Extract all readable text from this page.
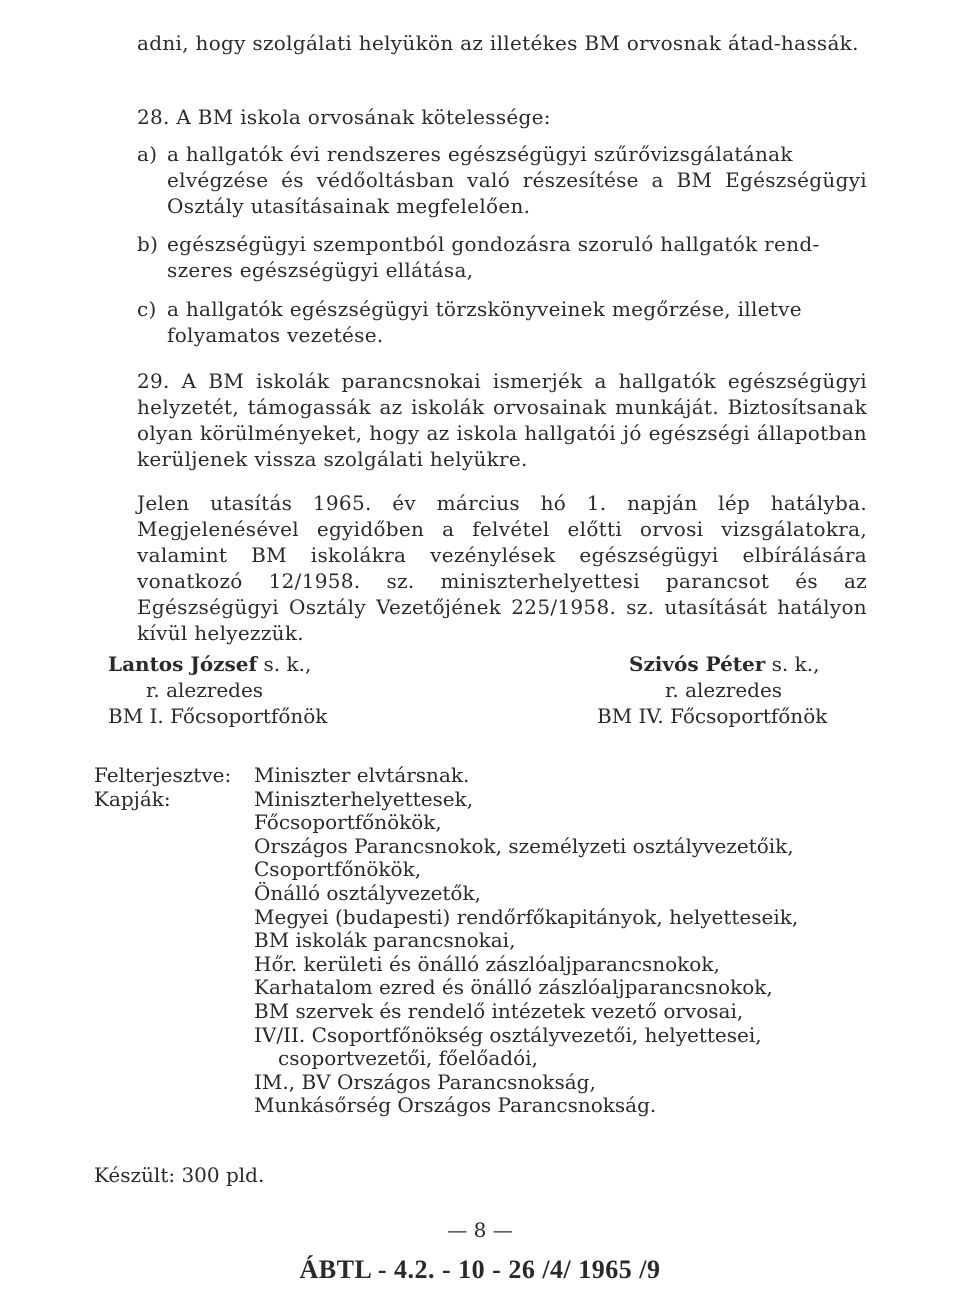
adni, hogy szolgálati helyükön az illetékes BM orvosnak átad-hassák.

28. A BM iskola orvosának kötelessége:

a) a hallgatók évi rendszeres egészségügyi szűrővizsgálatának

elvégzése és védőoltásban való részesítése a BM Egészségügyi Osztály utasításainak megfelelően.

b) egészségügyi szempontból gondozásra szoruló hallgatók rend-

szeres egészségügyi ellátása,

c) a hallgatók egészségügyi törzskönyveinek megőrzése, illetve

folyamatos vezetése.

29. A BM iskolák parancsnokai ismerjék a hallgatók egészségügyi helyzetét, támogassák az iskolák orvosainak munkáját. Biztosítsanak olyan körülményeket, hogy az iskola hallgatói jó egészségi állapotban kerüljenek vissza szolgálati helyükre.

Jelen utasítás 1965. év március hó 1. napján lép hatályba. Megjelenésével egyidőben a felvétel előtti orvosi vizsgálatokra, valamint BM iskolákra vezénylések egészségügyi elbírálására vonatkozó 12/1958. sz. miniszterhelyettesi parancsot és az Egészségügyi Osztály Vezetőjének 225/1958. sz. utasítását hatályon kívül helyezzük.

Lantos József s. k.,
r. alezredes
BM I. Főcsoportfőnök
Szivós Péter s. k.,
r. alezredes
BM IV. Főcsoportfőnök
Felterjesztve:	Miniszter elvtársnak.
Kapják:	Miniszterhelyettesek,
Főcsoportfőnökök,
Országos Parancsnokok, személyzeti osztályvezetőik,
Csoportfőnökök,
Önálló osztályvezetők,
Megyei (budapesti) rendőrfőkapitányok, helyetteseik,
BM iskolák parancsnokai,
Hőr. kerületi és önálló zászlóaljparancsnokok,
Karhatalom ezred és önálló zászlóaljparancsnokok,
BM szervek és rendelő intézetek vezető orvosai,
IV/II. Csoportfőnökség osztályvezetői, helyettesei,
csoportvezetői, főelőadói,
IM., BV Országos Parancsnokság,
Munkásőrség Országos Parancsnokság.
Készült: 300 pld.
— 8 —
ÁBTL - 4.2. - 10 - 26 /4/ 1965 /9
